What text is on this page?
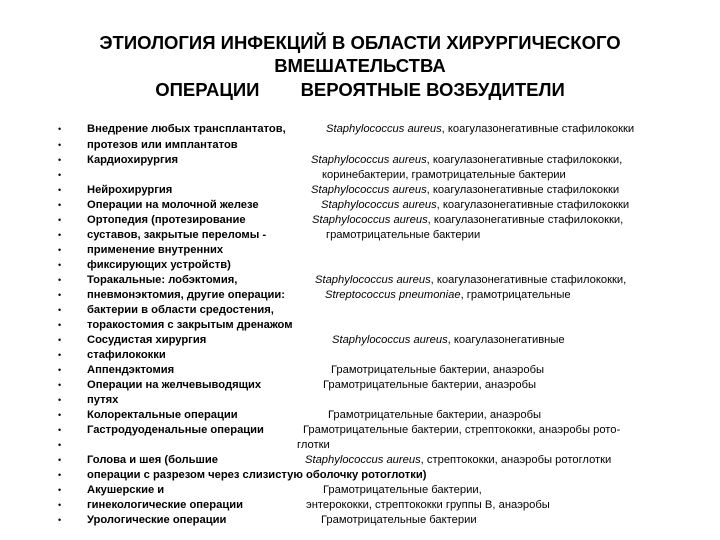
ЭТИОЛОГИЯ ИНФЕКЦИЙ В ОБЛАСТИ ХИРУРГИЧЕСКОГО
ВМЕШАТЕЛЬСТВА
ОПЕРАЦИИ        ВЕРОЯТНЫЕ ВОЗБУДИТЕЛИ
• Внедрение любых трансплантатов,	Staphylococcus aureus, коагулазонегативные стафилококки
• протезов или имплантатов
• Кардиохирургия	Staphylococcus aureus, коагулазонегативные стафилококки,
•	коринебактерии, грамотрицательные бактерии
• Нейрохирургия	Staphylococcus aureus, коагулазонегативные стафилококки
• Операции на молочной железе	Staphylococcus aureus, коагулазонегативные стафилококки
• Ортопедия (протезирование	Staphylococcus aureus, коагулазонегативные стафилококки,
• суставов, закрытые переломы -	грамотрицательные бактерии
• применение внутренних
• фиксирующих устройств)
• Торакальные: лобэктомия,	Staphylococcus aureus, коагулазонегативные стафилококки,
• пневмонэктомия, другие операции:	Streptococcus pneumoniae, грамотрицательные
• бактерии в области средостения,
• торакостомия с закрытым дренажом
• Сосудистая хирургия	Staphylococcus aureus, коагулазонегативные
• стафилококки
• Аппендэктомия	Грамотрицательные бактерии, анаэробы
• Операции на желчевыводящих	Грамотрицательные бактерии, анаэробы
• путях
• Колоректальные операции	Грамотрицательные бактерии, анаэробы
• Гастродуоденальные операции	Грамотрицательные бактерии, стрептококки, анаэробы рото-
•	глотки
• Голова и шея (большие	Staphylococcus aureus, стрептококки, анаэробы ротоглотки
• операции с разрезом через слизистую оболочку ротоглотки)
• Акушерские и	Грамотрицательные бактерии,
• гинекологические операции	энтерококки, стрептококки группы В, анаэробы
• Урологические операции	Грамотрицательные бактерии
